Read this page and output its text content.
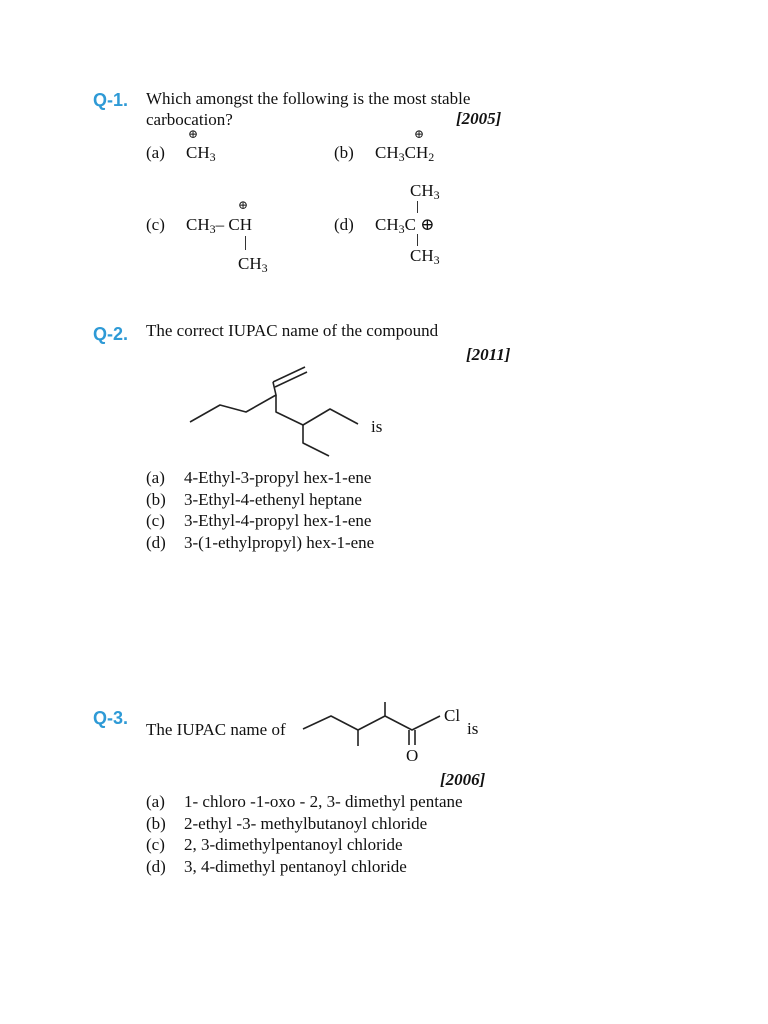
Q-1. Which amongst the following is the most stable
carbocation?	[2005]
(a)
⊕
$CH_3$	(b)
⊕
$CH_3CH_2$
(c)
⊕
$CH_3-$ CH
$CH_3$
(d)
$CH_3$
$CH_3C$ ⊕
$CH_3$
Q-2. The correct IUPAC name of the compound
[2011]
is
(a) 4-Ethyl-3-propyl hex-1-ene
(b) 3-Ethyl-4-ethenyl heptane
(c) 3-Ethyl-4-propyl hex-1-ene
(d) 3-(1-ethylpropyl) hex-1-ene
Q-3.
The IUPAC name of
Cl
is
O
[2006]
(a) 1- chloro -1-oxo - 2, 3- dimethyl pentane
(b) 2-ethyl -3- methylbutanoyl chloride
(c) 2, 3-dimethylpentanoyl chloride
(d) 3, 4-dimethyl pentanoyl chloride
